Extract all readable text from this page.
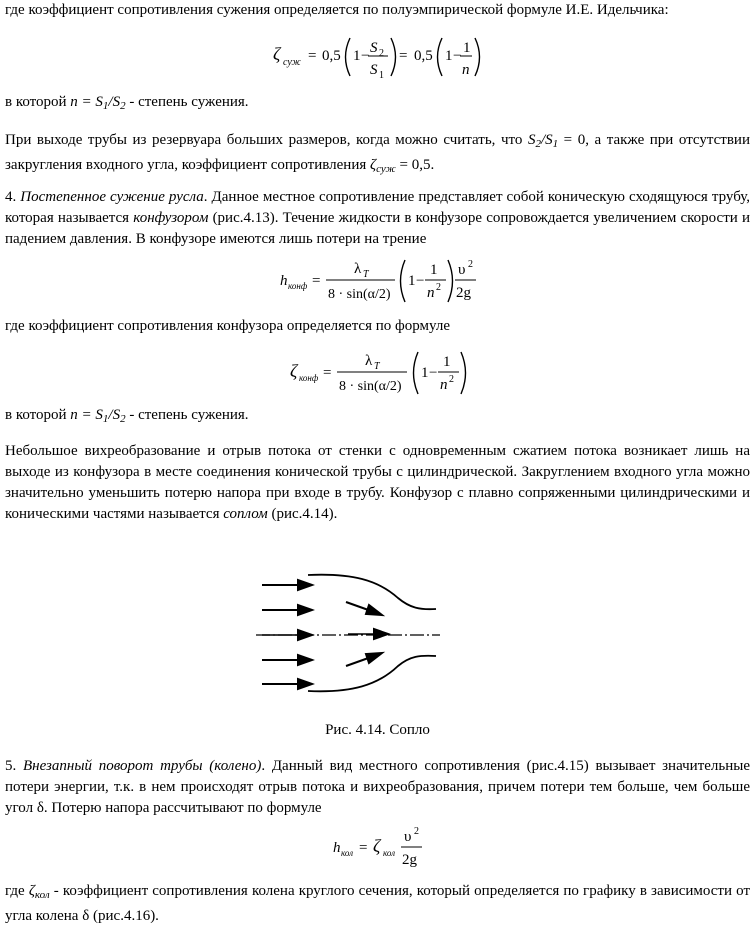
где коэффициент сопротивления сужения определяется по полуэмпирической формуле И.Е. Идельчика:
ζ суж = 0,5 1 − S 2
S 1
= 0,5 1 − 1
n
в которой $n = S_1/S_2$ - степень сужения.
При выходе трубы из резервуара больших размеров, когда можно считать, что $S_2/S_1 = 0$, а также при отсутствии закругления входного угла, коэффициент сопротивления $\zeta_{суж} = 0,5$.
4. Постепенное сужение русла. Данное местное сопротивление представляет собой коническую сходящуюся трубу, которая называется конфузором (рис.4.13). Течение жидкости в конфузоре сопровождается увеличением скорости и падением давления. В конфузоре имеются лишь потери на трение
h конф =
λ Т
8 · sin(α/2)
1 −
1
n 2
υ 2
2g
где коэффициент сопротивления конфузора определяется по формуле
ζ конф =
λ Т
8 · sin(α/2)
1 −
1
n 2
в которой $n = S_1/S_2$ - степень сужения.
Небольшое вихреобразование и отрыв потока от стенки с одновременным сжатием потока возникает лишь на выходе из конфузора в месте соединения конической трубы с цилиндрической. Закруглением входного угла можно значительно уменьшить потерю напора при входе в трубу. Конфузор с плавно сопряженными цилиндрическими и коническими частями называется соплом (рис.4.14).
Рис. 4.14. Сопло
5. Внезапный поворот трубы (колено). Данный вид местного сопротивления (рис.4.15) вызывает значительные потери энергии, т.к. в нем происходят отрыв потока и вихреобразования, причем потери тем больше, чем больше угол δ. Потерю напора рассчитывают по формуле
h кол = ζ кол
υ 2
2g
где $\zeta_{кол}$ - коэффициент сопротивления колена круглого сечения, который определяется по графику в зависимости от угла колена δ (рис.4.16).
